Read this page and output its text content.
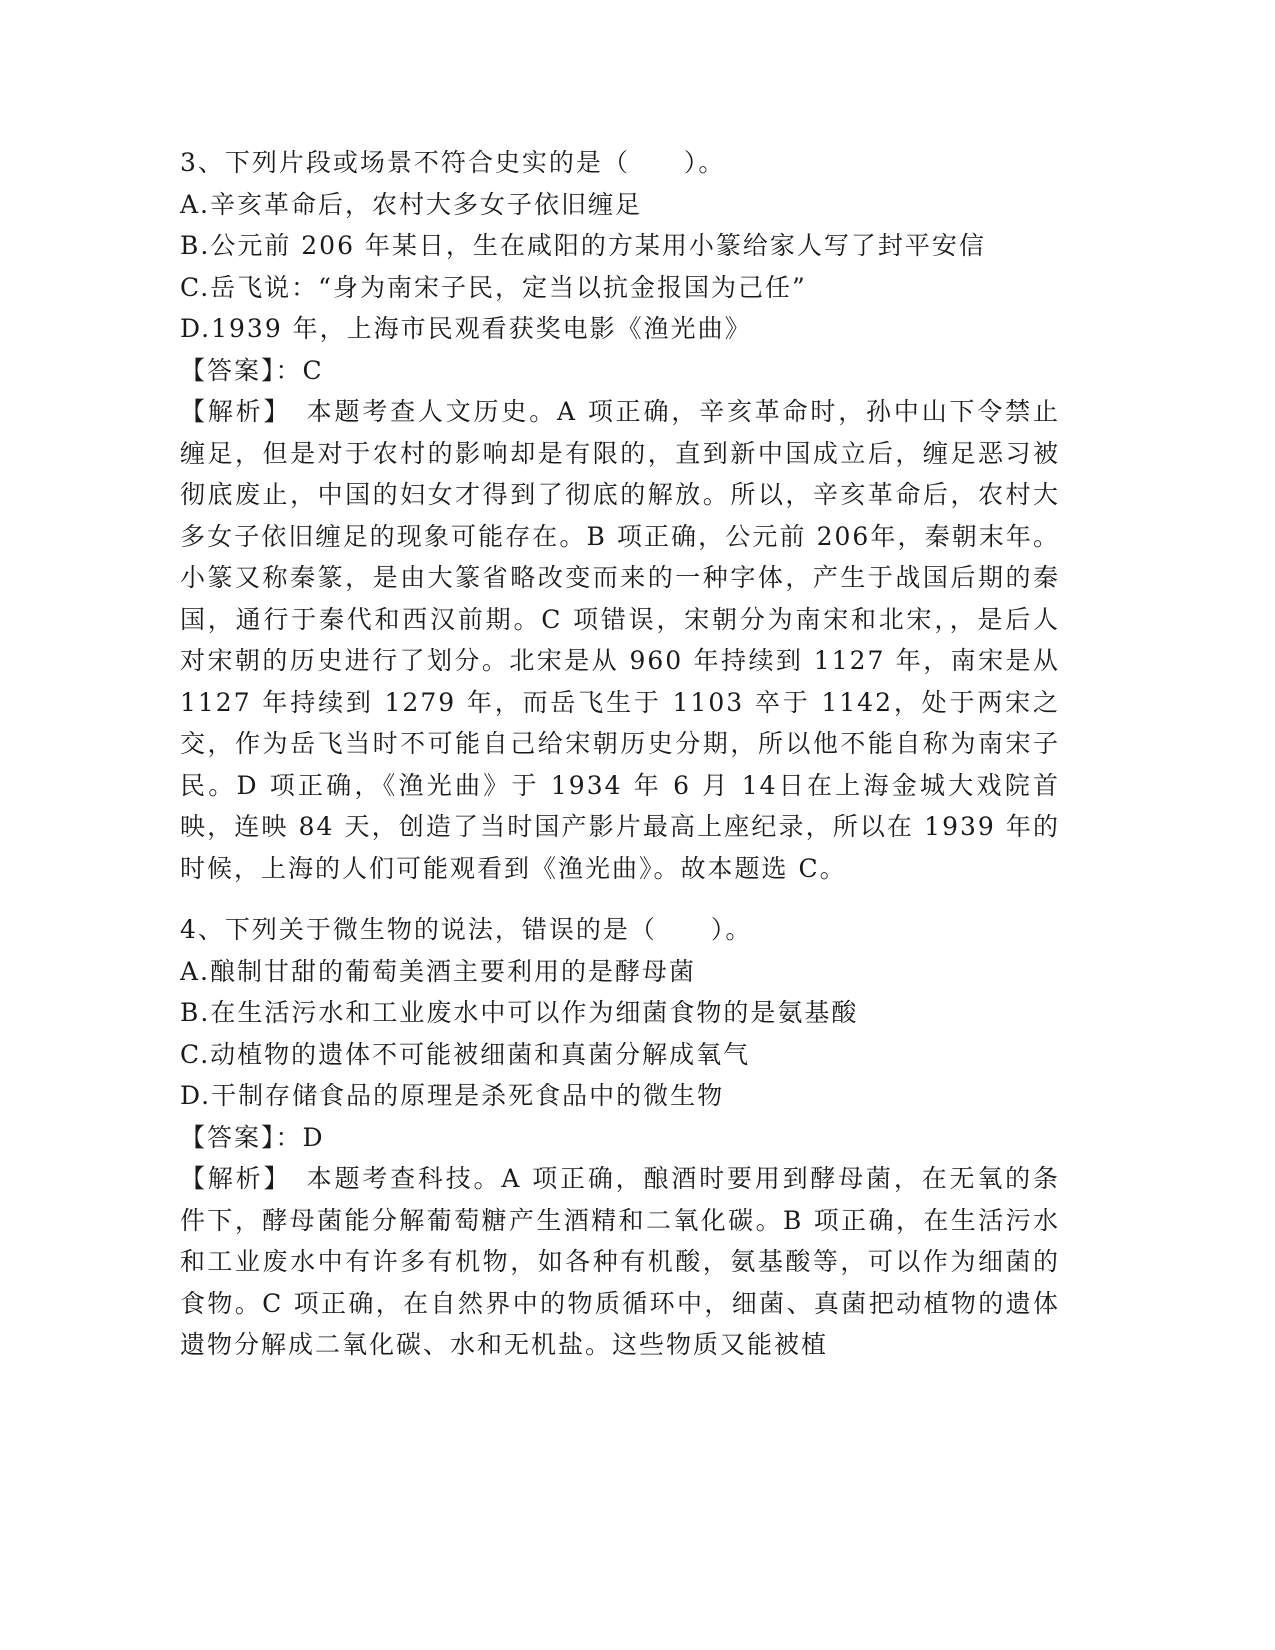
3、下列片段或场景不符合史实的是（　　）。
A.辛亥革命后，农村大多女子依旧缠足
B.公元前 206 年某日，生在咸阳的方某用小篆给家人写了封平安信
C.岳飞说：“身为南宋子民，定当以抗金报国为己任”
D.1939 年，上海市民观看获奖电影《渔光曲》
【答案】：C
【解析】　 本题考查人文历史。A 项正确，辛亥革命时，孙中山下令禁止缠足，但是对于农村的影响却是有限的，直到新中国成立后，缠足恶习被彻底废止，中国的妇女才得到了彻底的解放。所以，辛亥革命后，农村大多女子依旧缠足的现象可能存在。B 项正确，公元前 206年，秦朝末年。小篆又称秦篆，是由大篆省略改变而来的一种字体，产生于战国后期的秦国，通行于秦代和西汉前期。C 项错误，宋朝分为南宋和北宋，，是后人对宋朝的历史进行了划分。北宋是从 960 年持续到 1127 年，南宋是从 1127 年持续到 1279 年，而岳飞生于 1103 卒于 1142，处于两宋之交，作为岳飞当时不可能自己给宋朝历史分期，所以他不能自称为南宋子民。D 项正确，《渔光曲》于 1934 年 6 月 14日在上海金城大戏院首映，连映 84 天，创造了当时国产影片最高上座纪录，所以在 1939 年的时候，上海的人们可能观看到《渔光曲》。故本题选 C。
4、下列关于微生物的说法，错误的是（　　）。
A.酿制甘甜的葡萄美酒主要利用的是酵母菌
B.在生活污水和工业废水中可以作为细菌食物的是氨基酸
C.动植物的遗体不可能被细菌和真菌分解成氧气
D.干制存储食品的原理是杀死食品中的微生物
【答案】：D
【解析】　 本题考查科技。A 项正确，酿酒时要用到酵母菌，在无氧的条件下，酵母菌能分解葡萄糖产生酒精和二氧化碳。B 项正确，在生活污水和工业废水中有许多有机物，如各种有机酸，氨基酸等，可以作为细菌的食物。C 项正确，在自然界中的物质循环中，细菌、真菌把动植物的遗体遗物分解成二氧化碳、水和无机盐。这些物质又能被植
